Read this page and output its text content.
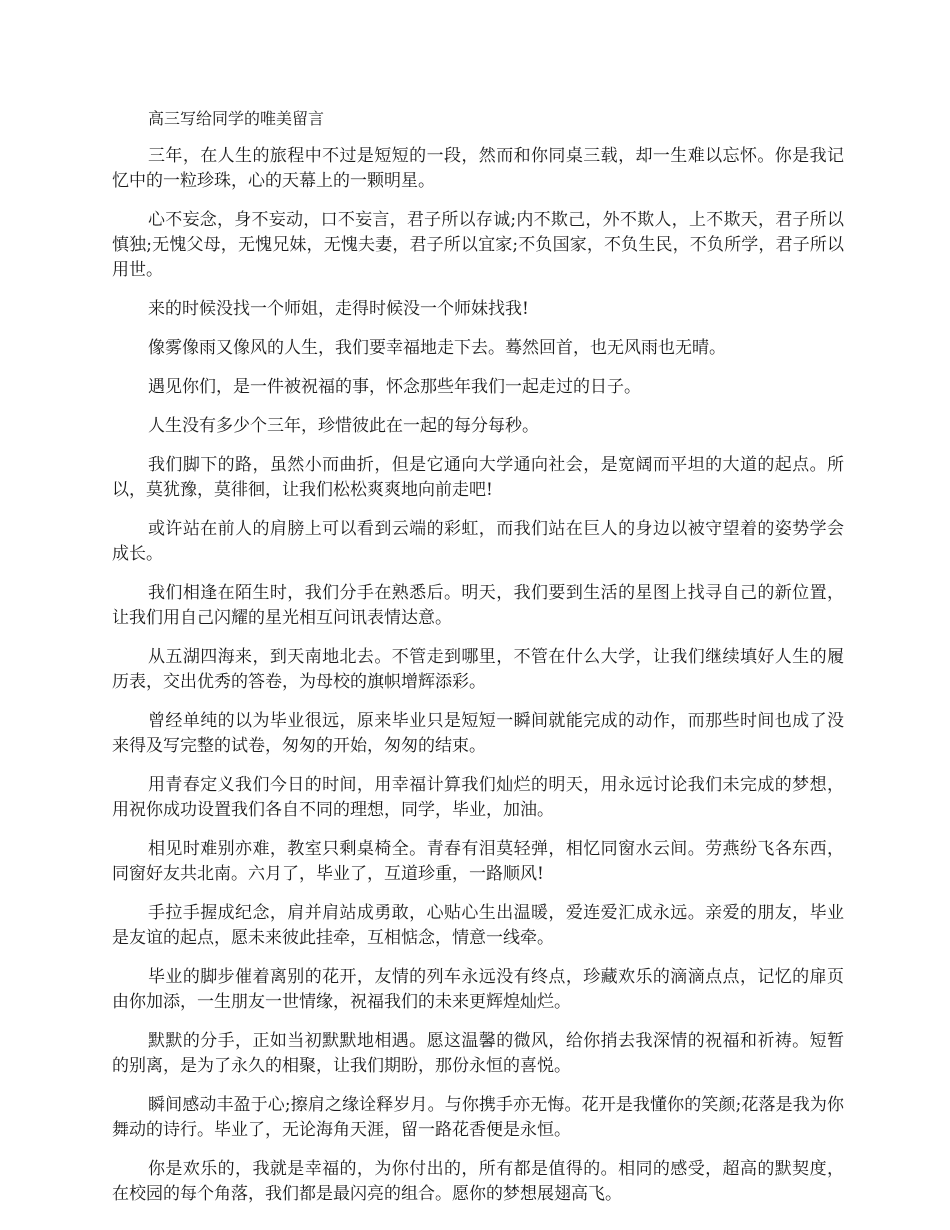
高三写给同学的唯美留言

三年，在人生的旅程中不过是短短的一段，然而和你同桌三载，却一生难以忘怀。你是我记忆中的一粒珍珠，心的天幕上的一颗明星。

心不妄念，身不妄动，口不妄言，君子所以存诚;内不欺己，外不欺人，上不欺天，君子所以慎独;无愧父母，无愧兄妹，无愧夫妻，君子所以宜家;不负国家，不负生民，不负所学，君子所以用世。

来的时候没找一个师姐，走得时候没一个师妹找我!

像雾像雨又像风的人生，我们要幸福地走下去。蓦然回首，也无风雨也无晴。

遇见你们，是一件被祝福的事，怀念那些年我们一起走过的日子。

人生没有多少个三年，珍惜彼此在一起的每分每秒。

我们脚下的路，虽然小而曲折，但是它通向大学通向社会，是宽阔而平坦的大道的起点。所以，莫犹豫，莫徘徊，让我们松松爽爽地向前走吧!

或许站在前人的肩膀上可以看到云端的彩虹，而我们站在巨人的身边以被守望着的姿势学会成长。

我们相逢在陌生时，我们分手在熟悉后。明天，我们要到生活的星图上找寻自己的新位置，让我们用自己闪耀的星光相互问讯表情达意。

从五湖四海来，到天南地北去。不管走到哪里，不管在什么大学，让我们继续填好人生的履历表，交出优秀的答卷，为母校的旗帜增辉添彩。

曾经单纯的以为毕业很远，原来毕业只是短短一瞬间就能完成的动作，而那些时间也成了没来得及写完整的试卷，匆匆的开始，匆匆的结束。

用青春定义我们今日的时间，用幸福计算我们灿烂的明天，用永远讨论我们未完成的梦想，用祝你成功设置我们各自不同的理想，同学，毕业，加油。

相见时难别亦难，教室只剩桌椅全。青春有泪莫轻弹，相忆同窗水云间。劳燕纷飞各东西，同窗好友共北南。六月了，毕业了，互道珍重，一路顺风!

手拉手握成纪念，肩并肩站成勇敢，心贴心生出温暖，爱连爱汇成永远。亲爱的朋友，毕业是友谊的起点，愿未来彼此挂牵，互相惦念，情意一线牵。

毕业的脚步催着离别的花开，友情的列车永远没有终点，珍藏欢乐的滴滴点点，记忆的扉页由你加添，一生朋友一世情缘，祝福我们的未来更辉煌灿烂。

默默的分手，正如当初默默地相遇。愿这温馨的微风，给你捎去我深情的祝福和祈祷。短暂的别离，是为了永久的相聚，让我们期盼，那份永恒的喜悦。

瞬间感动丰盈于心;擦肩之缘诠释岁月。与你携手亦无悔。花开是我懂你的笑颜;花落是我为你舞动的诗行。毕业了，无论海角天涯，留一路花香便是永恒。

你是欢乐的，我就是幸福的，为你付出的，所有都是值得的。相同的感受，超高的默契度，在校园的每个角落，我们都是最闪亮的组合。愿你的梦想展翅高飞。
